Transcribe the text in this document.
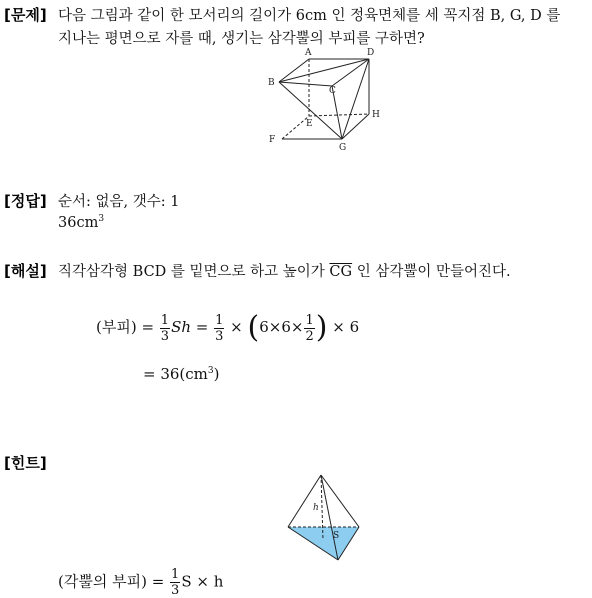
[문제] 다음 그림과 같이 한 모서리의 길이가 6cm 인 정육면체를 세 꼭지점 B, G, D 를
지나는 평면으로 자를 때, 생기는 삼각뿔의 부피를 구하면?
A	D
B
C
E
H
F
G
[정답] 순서: 없음, 갯수: 1
$36cm^3$
[해설] 직각삼각형 BCD 를 밑면으로 하고 높이가 $\overline{CG}$ 인 삼각뿔이 만들어진다.
(부피) = $\frac{1}{3}$ $Sh = \frac{1}{3} \times (6\times 6\times \frac{1}{2}$ ) × 6
= $36(cm^3)$
[힌트]
h
S
(각뿔의 부피) = $\frac{1}{3}$ S × h
